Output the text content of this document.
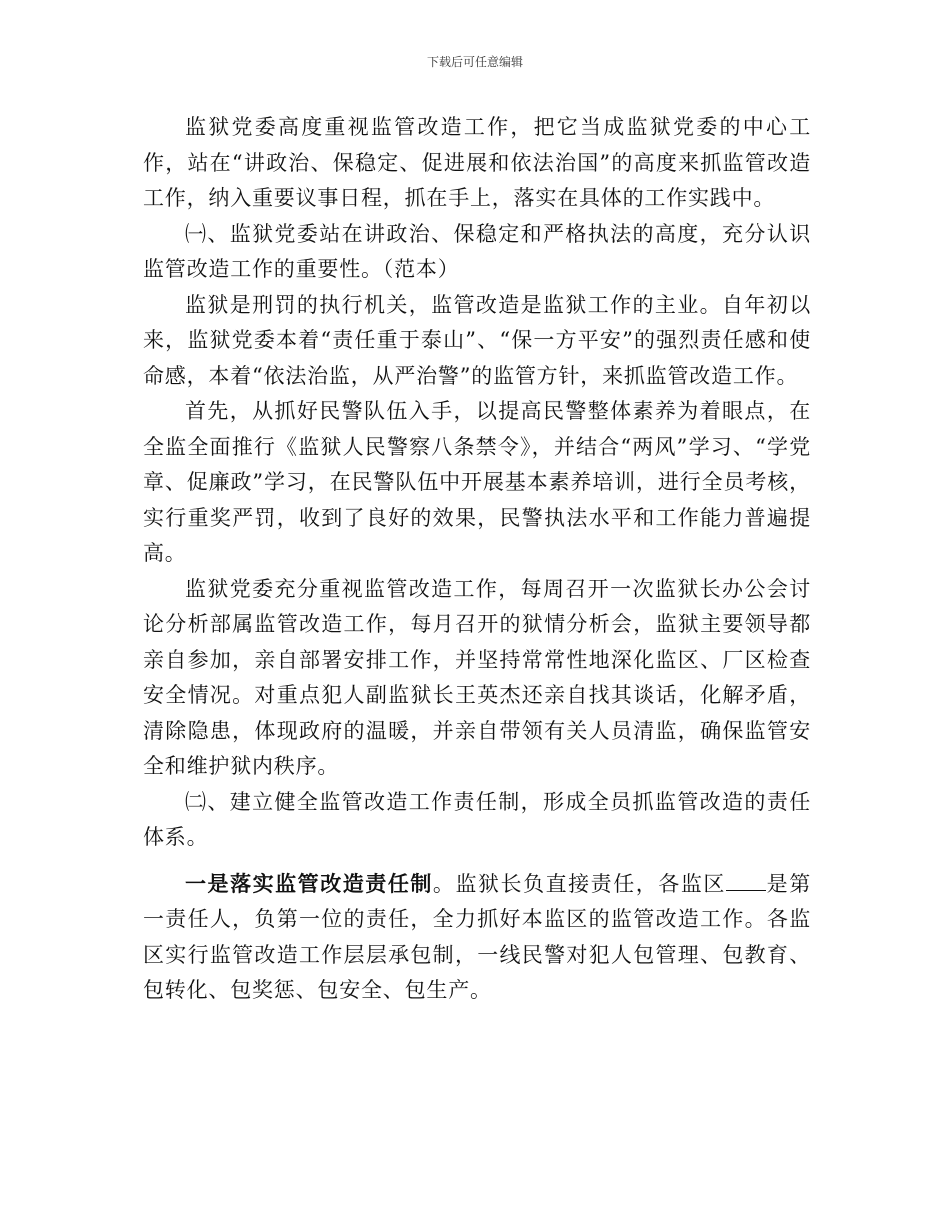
下载后可任意编辑

监狱党委高度重视监管改造工作，把它当成监狱党委的中心工作，站在“讲政治、保稳定、促进展和依法治国”的高度来抓监管改造工作，纳入重要议事日程，抓在手上，落实在具体的工作实践中。

㈠、监狱党委站在讲政治、保稳定和严格执法的高度，充分认识监管改造工作的重要性。（范本）

监狱是刑罚的执行机关，监管改造是监狱工作的主业。自年初以来，监狱党委本着“责任重于泰山”、“保一方平安”的强烈责任感和使命感，本着“依法治监，从严治警”的监管方针，来抓监管改造工作。

首先，从抓好民警队伍入手，以提高民警整体素养为着眼点，在全监全面推行《监狱人民警察八条禁令》，并结合“两风”学习、“学党章、促廉政”学习，在民警队伍中开展基本素养培训，进行全员考核，实行重奖严罚，收到了良好的效果，民警执法水平和工作能力普遍提高。

监狱党委充分重视监管改造工作，每周召开一次监狱长办公会讨论分析部属监管改造工作，每月召开的狱情分析会，监狱主要领导都亲自参加，亲自部署安排工作，并坚持常常性地深化监区、厂区检查安全情况。对重点犯人副监狱长王英杰还亲自找其谈话，化解矛盾，清除隐患，体现政府的温暖，并亲自带领有关人员清监，确保监管安全和维护狱内秩序。

㈡、建立健全监管改造工作责任制，形成全员抓监管改造的责任体系。

一是落实监管改造责任制。监狱长负直接责任，各监区 是第一责任人，负第一位的责任，全力抓好本监区的监管改造工作。各监区实行监管改造工作层层承包制，一线民警对犯人包管理、包教育、包转化、包奖惩、包安全、包生产。
